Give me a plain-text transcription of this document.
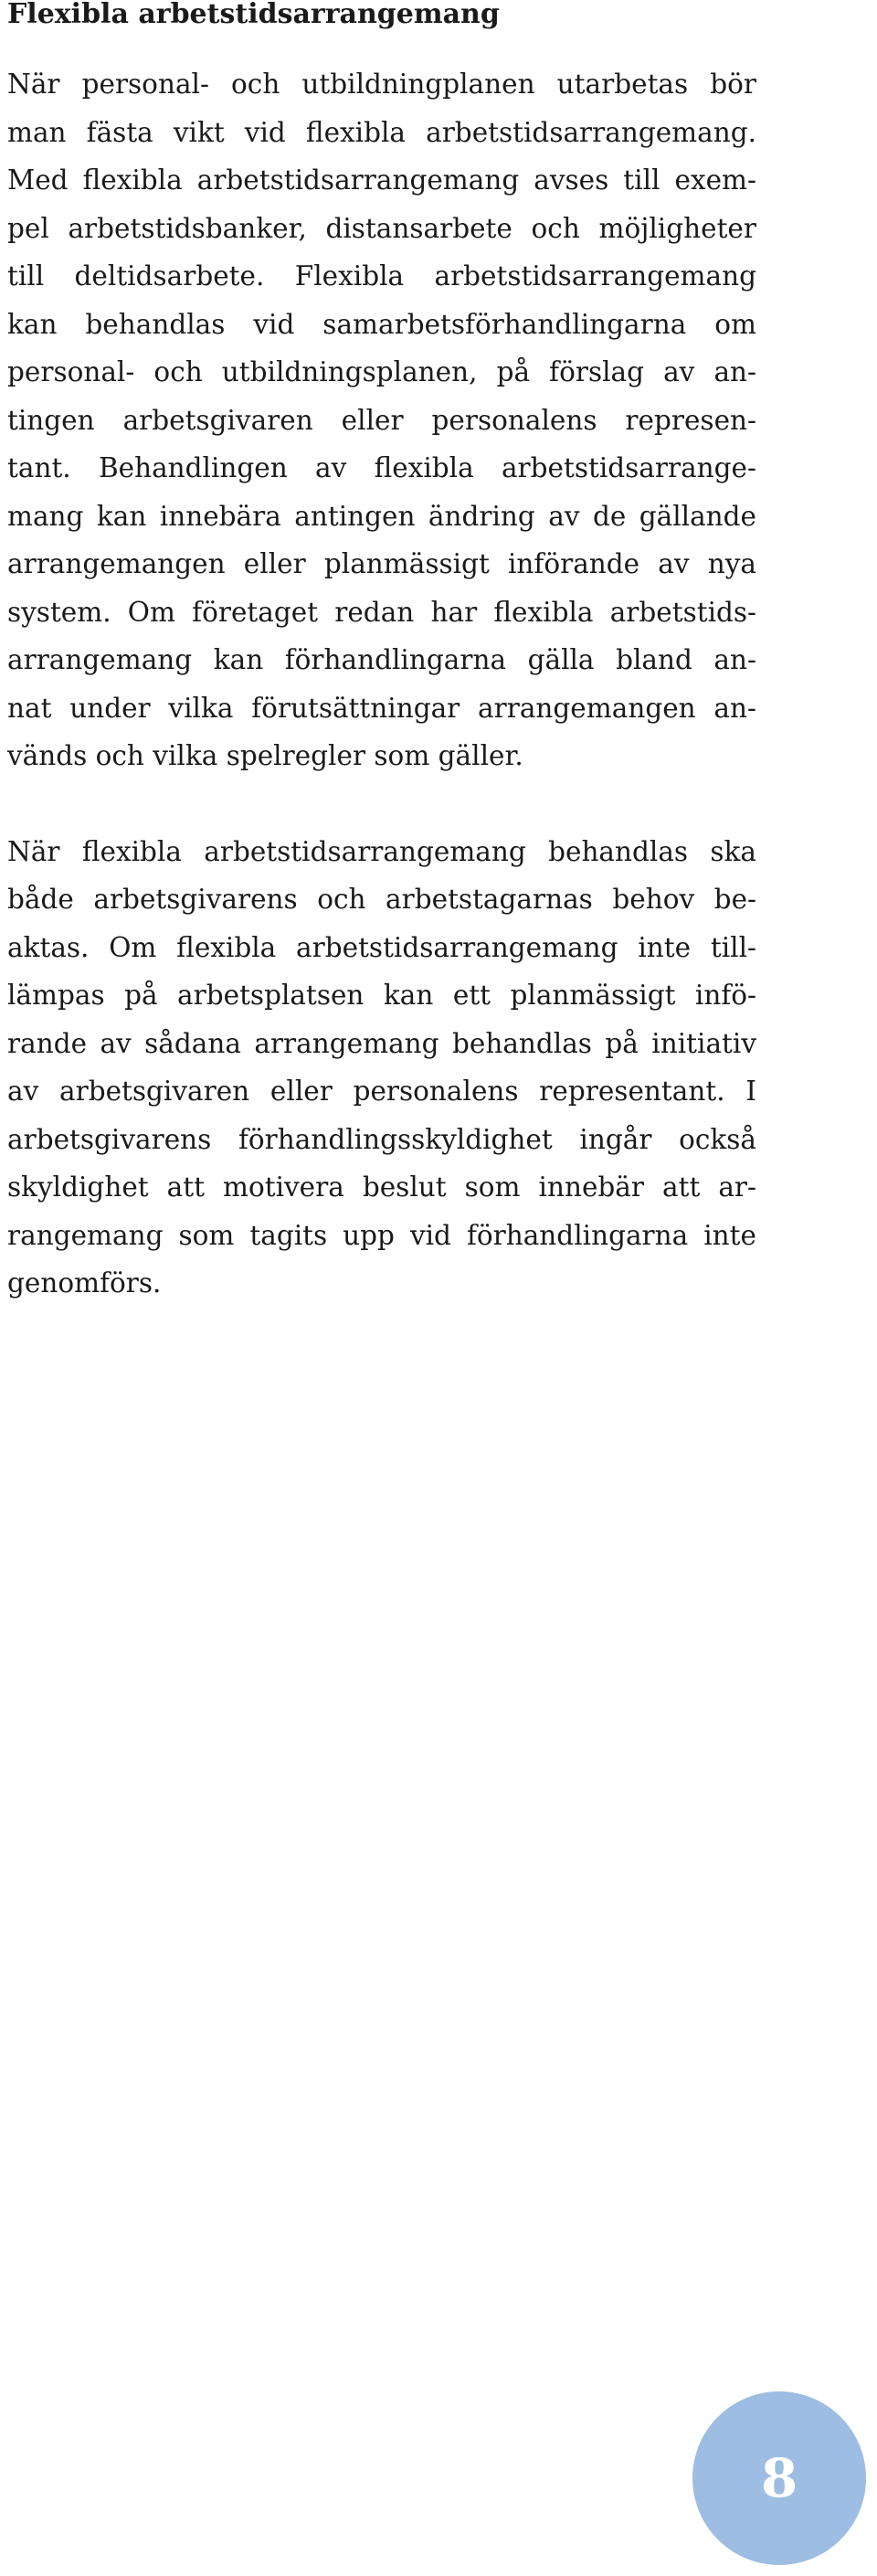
Flexibla arbetstidsarrangemang

När personal- och utbildningplanen utarbetas bör
man fästa vikt vid flexibla arbetstidsarrangemang.
Med flexibla arbetstidsarrangemang avses till exem-
pel arbetstidsbanker, distansarbete och möjligheter
till deltidsarbete. Flexibla arbetstidsarrangemang
kan behandlas vid samarbetsförhandlingarna om
personal- och utbildningsplanen, på förslag av an-
tingen arbetsgivaren eller personalens represen-
tant. Behandlingen av flexibla arbetstidsarrange-
mang kan innebära antingen ändring av de gällande
arrangemangen eller planmässigt införande av nya
system. Om företaget redan har flexibla arbetstids-
arrangemang kan förhandlingarna gälla bland an-
nat under vilka förutsättningar arrangemangen an-
vänds och vilka spelregler som gäller.

När flexibla arbetstidsarrangemang behandlas ska
både arbetsgivarens och arbetstagarnas behov be-
aktas. Om flexibla arbetstidsarrangemang inte till-
lämpas på arbetsplatsen kan ett planmässigt infö-
rande av sådana arrangemang behandlas på initiativ
av arbetsgivaren eller personalens representant. I
arbetsgivarens förhandlingsskyldighet ingår också
skyldighet att motivera beslut som innebär att ar-
rangemang som tagits upp vid förhandlingarna inte
genomförs.

8
